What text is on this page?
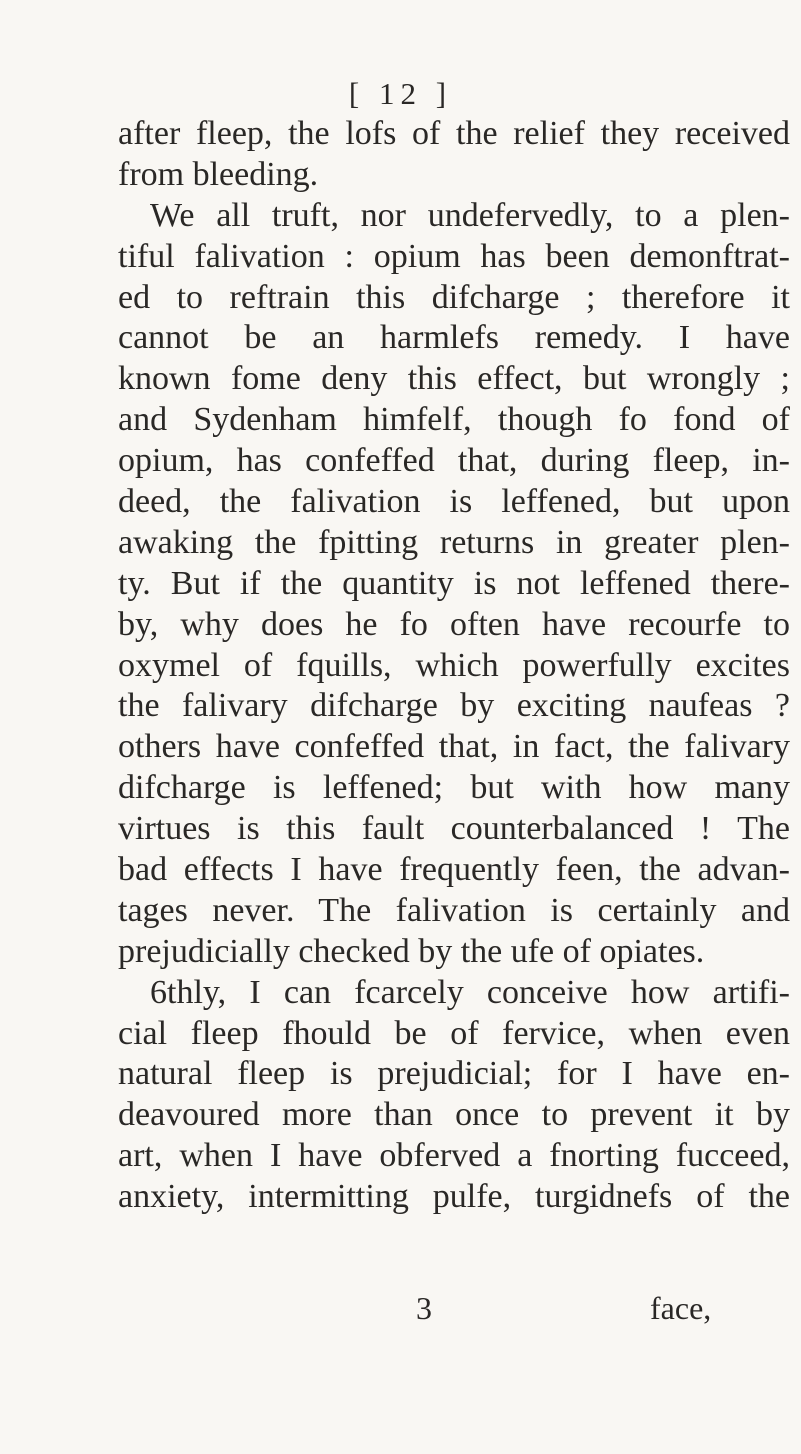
[ 12 ]
after fleep, the lofs of the relief they received
from bleeding.
We all truft, nor undefervedly, to a plen-
tiful falivation : opium has been demonftrat-
ed to reftrain this difcharge ; therefore it
cannot be an harmlefs remedy. I have
known fome deny this effect, but wrongly ;
and Sydenham himfelf, though fo fond of
opium, has confeffed that, during fleep, in-
deed, the falivation is leffened, but upon
awaking the fpitting returns in greater plen-
ty. But if the quantity is not leffened there-
by, why does he fo often have recourfe to
oxymel of fquills, which powerfully excites
the falivary difcharge by exciting naufeas ?
others have confeffed that, in fact, the falivary
difcharge is leffened; but with how many
virtues is this fault counterbalanced ! The
bad effects I have frequently feen, the advan-
tages never. The falivation is certainly and
prejudicially checked by the ufe of opiates.
6thly, I can fcarcely conceive how artifi-
cial fleep fhould be of fervice, when even
natural fleep is prejudicial; for I have en-
deavoured more than once to prevent it by
art, when I have obferved a fnorting fucceed,
anxiety, intermitting pulfe, turgidnefs of the
3	face,
